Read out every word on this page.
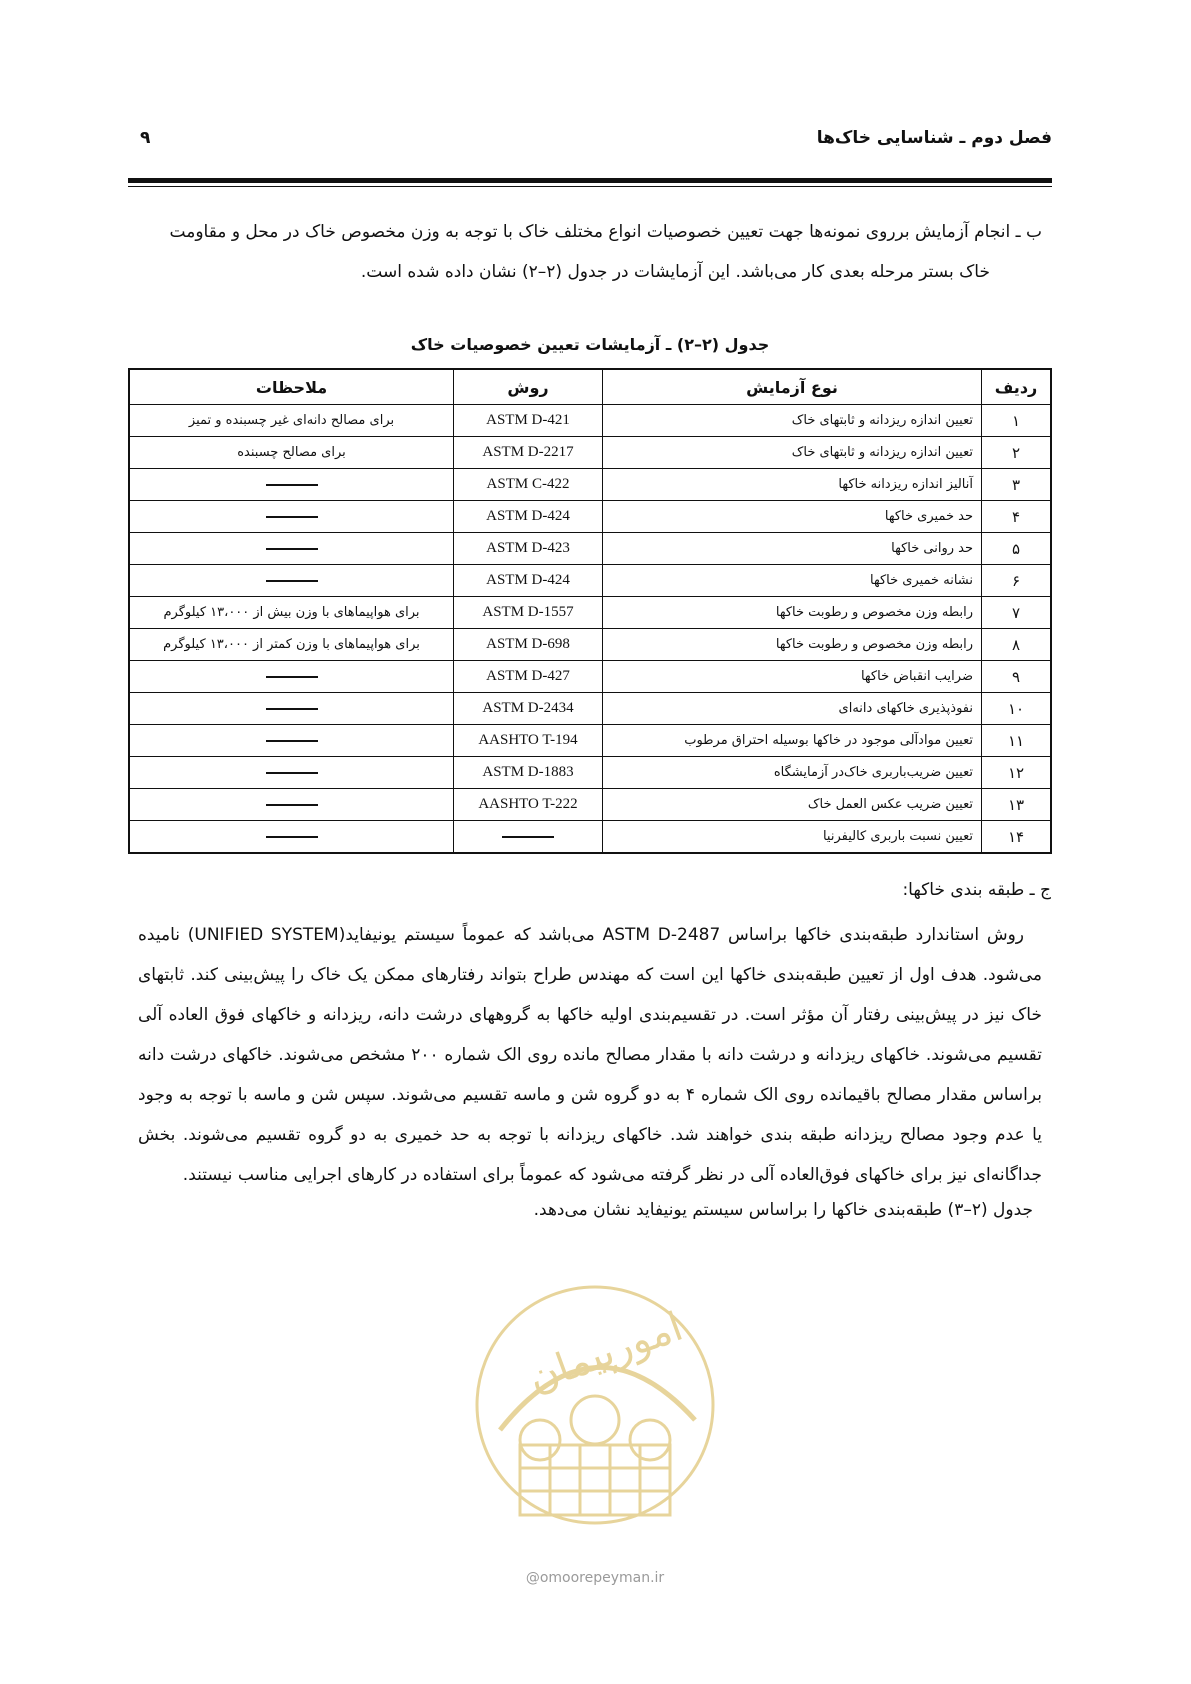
فصل دوم ـ شناسایی خاک‌ها
۹
ب ـ انجام آزمایش برروی نمونه‌ها جهت تعیین خصوصیات انواع مختلف خاک با توجه به وزن مخصوص خاک در محل و مقاومت
خاک بستر مرحله بعدی کار می‌باشد. این آزمایشات در جدول (۲–۲) نشان داده شده است.
جدول (۲–۲) ـ آزمایشات تعیین خصوصیات خاک
ردیف	نوع آزمایش	روش	ملاحظات
۱	تعیین اندازه ریزدانه و ثابتهای خاک	ASTM D-421	برای مصالح دانه‌ای غیر چسبنده و تمیز
۲	تعیین اندازه ریزدانه و ثابتهای خاک	ASTM D-2217	برای مصالح چسبنده
۳	آنالیز اندازه ریزدانه خاکها	ASTM C-422	
۴	حد خمیری خاکها	ASTM D-424	
۵	حد روانی خاکها	ASTM D-423	
۶	نشانه خمیری خاکها	ASTM D-424	
۷	رابطه وزن مخصوص و رطوبت خاکها	ASTM D-1557	برای هواپیماهای با وزن بیش از ۱۳،۰۰۰ کیلوگرم
۸	رابطه وزن مخصوص و رطوبت خاکها	ASTM D-698	برای هواپیماهای با وزن کمتر از ۱۳،۰۰۰ کیلوگرم
۹	ضرایب انقباض خاکها	ASTM D-427	
۱۰	نفوذپذیری خاکهای دانه‌ای	ASTM D-2434	
۱۱	تعیین موادآلی موجود در خاکها بوسیله احتراق مرطوب	AASHTO T-194	
۱۲	تعیین ضریب‌باربری خاک‌در آزمایشگاه	ASTM D-1883	
۱۳	تعیین ضریب عکس العمل خاک	AASHTO T-222	
۱۴	تعیین نسبت باربری کالیفرنیا		
ج ـ طبقه بندی خاکها:
روش استاندارد طبقه‌بندی خاکها براساس ASTM D-2487 می‌باشد که عموماً سیستم یونیفاید(UNIFIED SYSTEM) نامیده می‌شود. هدف اول از تعیین طبقه‌بندی خاکها این است که مهندس طراح بتواند رفتارهای ممکن یک خاک را پیش‌بینی کند. ثابتهای خاک نیز در پیش‌بینی رفتار آن مؤثر است. در تقسیم‌بندی اولیه خاکها به گروههای درشت دانه، ریزدانه و خاکهای فوق العاده آلی تقسیم می‌شوند. خاکهای ریزدانه و درشت دانه با مقدار مصالح مانده روی الک شماره ۲۰۰ مشخص می‌شوند. خاکهای درشت دانه براساس مقدار مصالح باقیمانده روی الک شماره ۴ به دو گروه شن و ماسه تقسیم می‌شوند. سپس شن و ماسه با توجه به وجود یا عدم وجود مصالح ریزدانه طبقه بندی خواهند شد. خاکهای ریزدانه با توجه به حد خمیری به دو گروه تقسیم می‌شوند. بخش جداگانه‌ای نیز برای خاکهای فوق‌العاده آلی در نظر گرفته می‌شود که عموماً برای استفاده در کارهای اجرایی مناسب نیستند.
جدول (۲–۳) طبقه‌بندی خاکها را براساس سیستم یونیفاید نشان می‌دهد.
امورپیمان
@omoorepeyman.ir
